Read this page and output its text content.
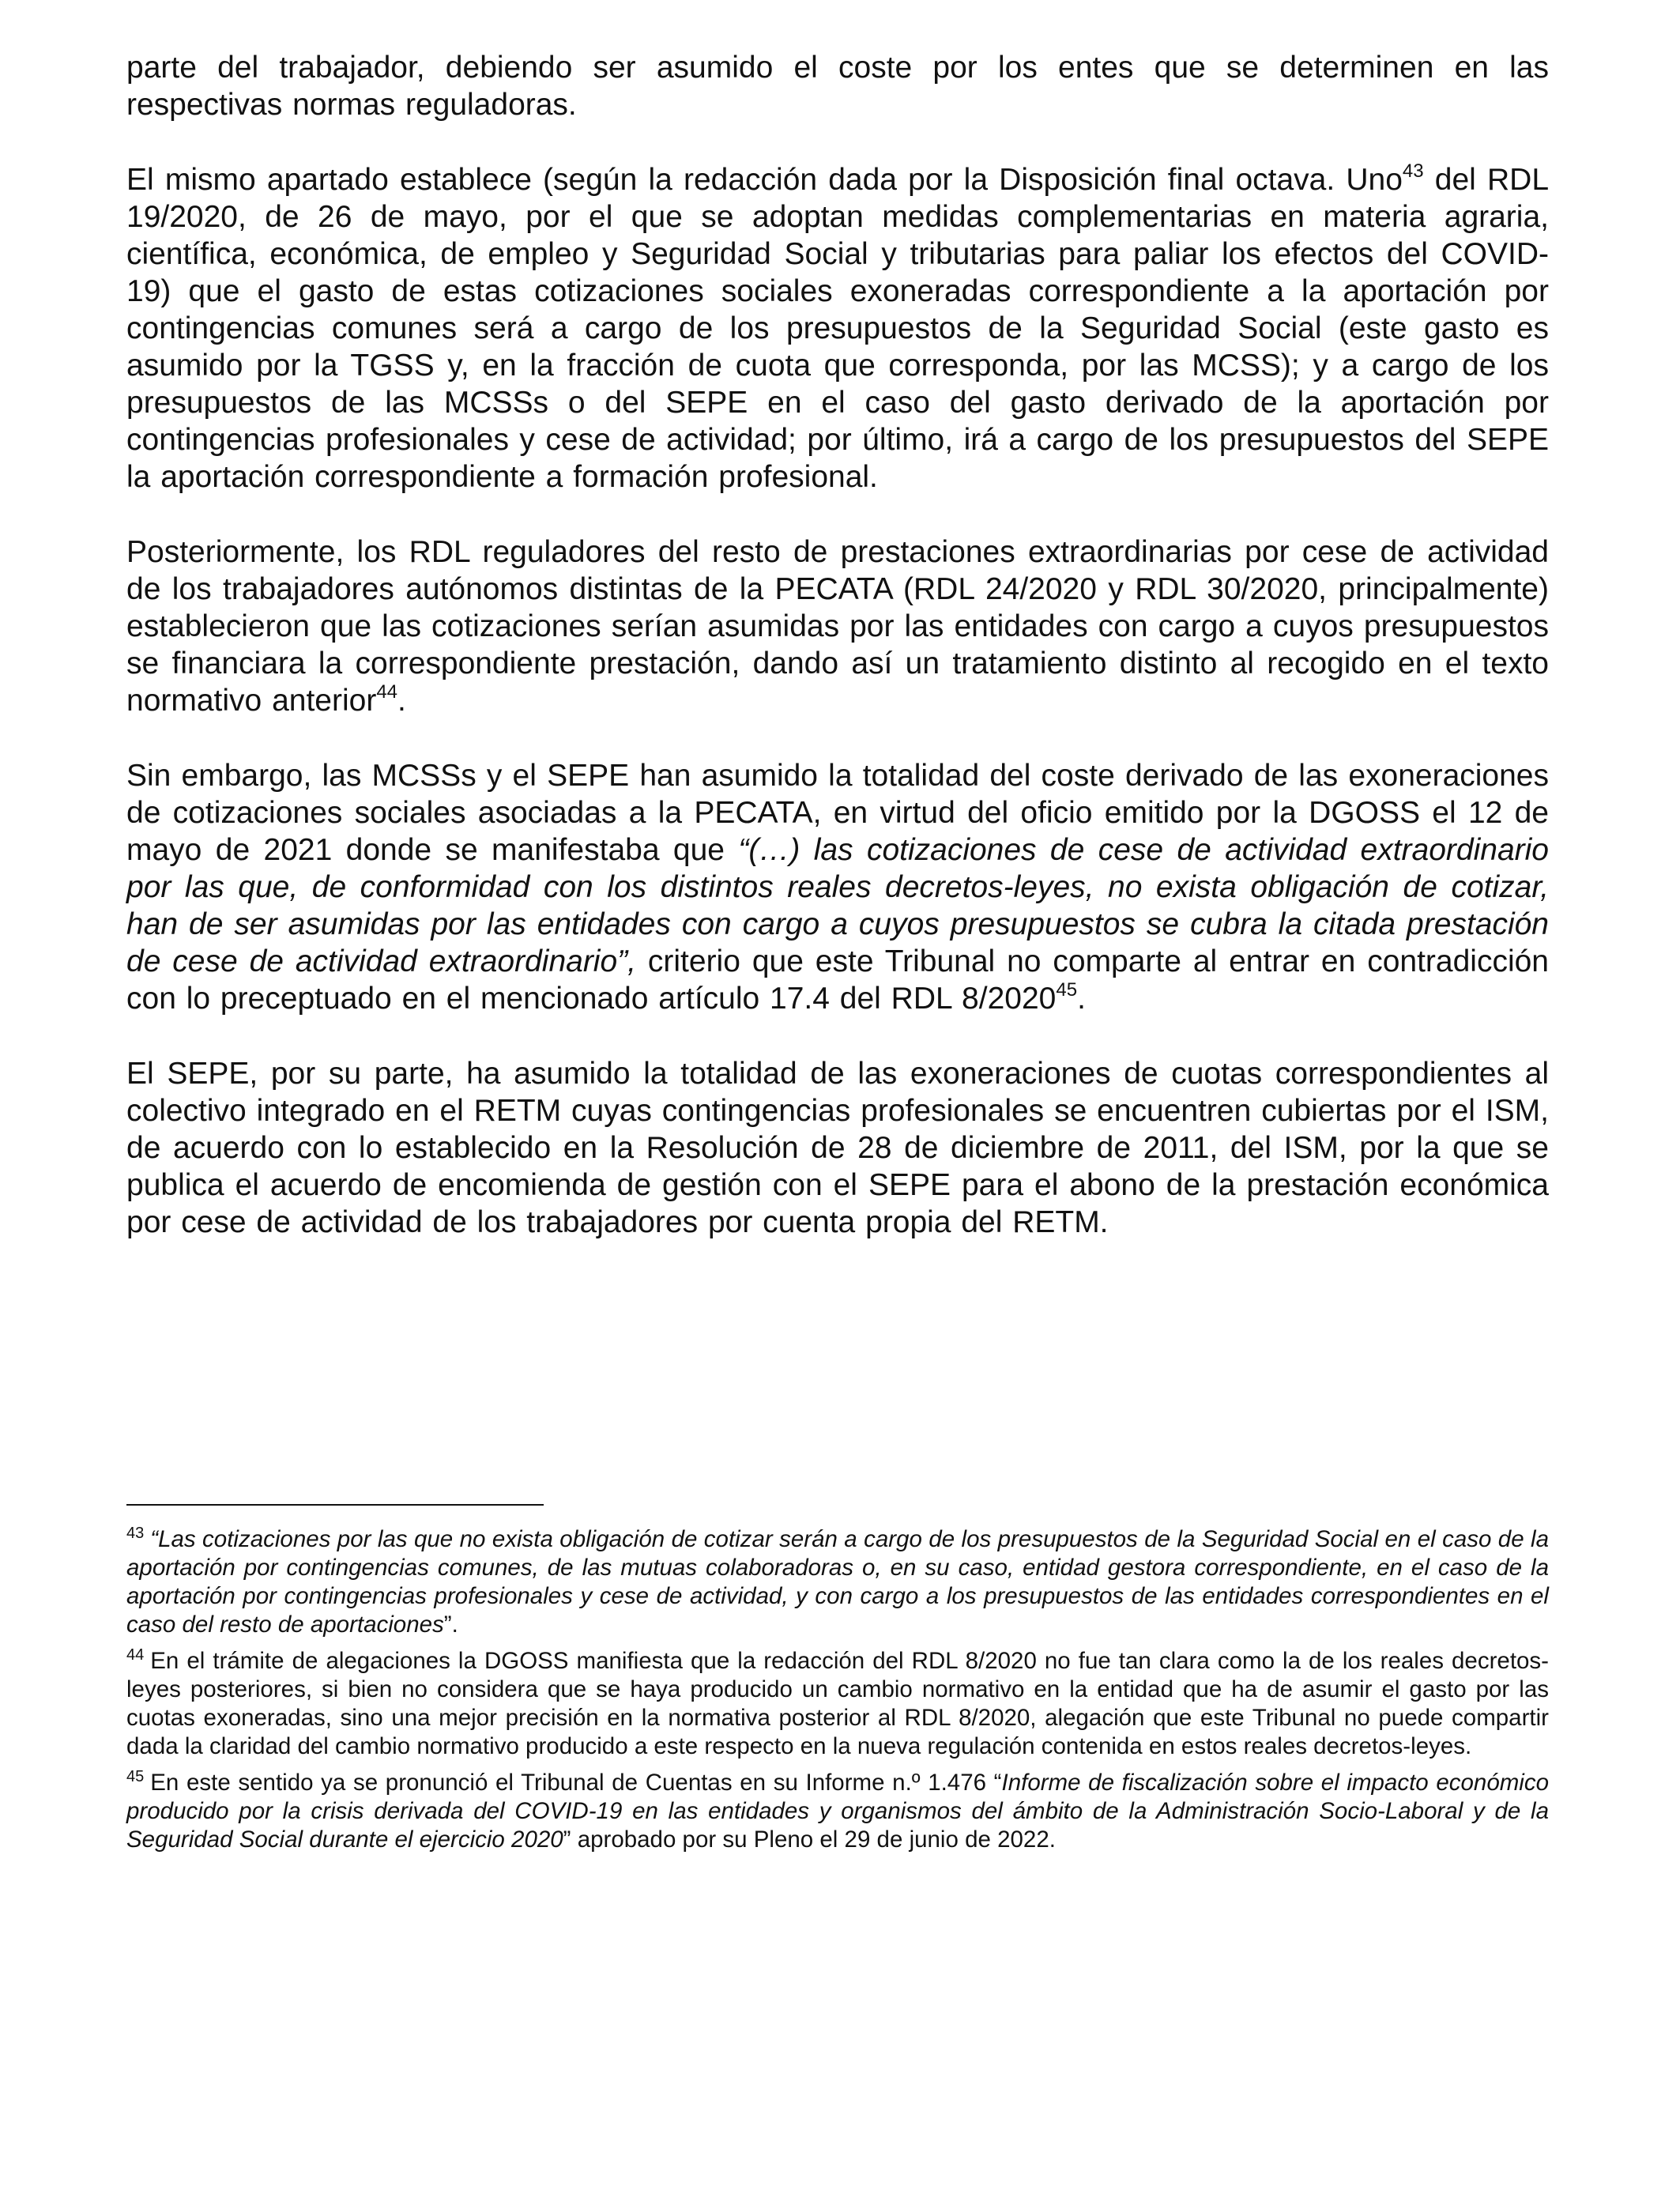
parte del trabajador, debiendo ser asumido el coste por los entes que se determinen en las respectivas normas reguladoras.

El mismo apartado establece (según la redacción dada por la Disposición final octava. Uno$^{43}$ del RDL 19/2020, de 26 de mayo, por el que se adoptan medidas complementarias en materia agraria, científica, económica, de empleo y Seguridad Social y tributarias para paliar los efectos del COVID-19) que el gasto de estas cotizaciones sociales exoneradas correspondiente a la aportación por contingencias comunes será a cargo de los presupuestos de la Seguridad Social (este gasto es asumido por la TGSS y, en la fracción de cuota que corresponda, por las MCSS); y a cargo de los presupuestos de las MCSSs o del SEPE en el caso del gasto derivado de la aportación por contingencias profesionales y cese de actividad; por último, irá a cargo de los presupuestos del SEPE la aportación correspondiente a formación profesional.

Posteriormente, los RDL reguladores del resto de prestaciones extraordinarias por cese de actividad de los trabajadores autónomos distintas de la PECATA (RDL 24/2020 y RDL 30/2020, principalmente) establecieron que las cotizaciones serían asumidas por las entidades con cargo a cuyos presupuestos se financiara la correspondiente prestación, dando así un tratamiento distinto al recogido en el texto normativo anterior$^{44}$.

Sin embargo, las MCSSs y el SEPE han asumido la totalidad del coste derivado de las exoneraciones de cotizaciones sociales asociadas a la PECATA, en virtud del oficio emitido por la DGOSS el 12 de mayo de 2021 donde se manifestaba que “(…) las cotizaciones de cese de actividad extraordinario por las que, de conformidad con los distintos reales decretos-leyes, no exista obligación de cotizar, han de ser asumidas por las entidades con cargo a cuyos presupuestos se cubra la citada prestación de cese de actividad extraordinario”, criterio que este Tribunal no comparte al entrar en contradicción con lo preceptuado en el mencionado artículo 17.4 del RDL 8/2020$^{45}$.

El SEPE, por su parte, ha asumido la totalidad de las exoneraciones de cuotas correspondientes al colectivo integrado en el RETM cuyas contingencias profesionales se encuentren cubiertas por el ISM, de acuerdo con lo establecido en la Resolución de 28 de diciembre de 2011, del ISM, por la que se publica el acuerdo de encomienda de gestión con el SEPE para el abono de la prestación económica por cese de actividad de los trabajadores por cuenta propia del RETM.

$^{43}$ “Las cotizaciones por las que no exista obligación de cotizar serán a cargo de los presupuestos de la Seguridad Social en el caso de la aportación por contingencias comunes, de las mutuas colaboradoras o, en su caso, entidad gestora correspondiente, en el caso de la aportación por contingencias profesionales y cese de actividad, y con cargo a los presupuestos de las entidades correspondientes en el caso del resto de aportaciones”.

$^{44}$ En el trámite de alegaciones la DGOSS manifiesta que la redacción del RDL 8/2020 no fue tan clara como la de los reales decretos-leyes posteriores, si bien no considera que se haya producido un cambio normativo en la entidad que ha de asumir el gasto por las cuotas exoneradas, sino una mejor precisión en la normativa posterior al RDL 8/2020, alegación que este Tribunal no puede compartir dada la claridad del cambio normativo producido a este respecto en la nueva regulación contenida en estos reales decretos-leyes.

$^{45}$ En este sentido ya se pronunció el Tribunal de Cuentas en su Informe n.º 1.476 “Informe de fiscalización sobre el impacto económico producido por la crisis derivada del COVID-19 en las entidades y organismos del ámbito de la Administración Socio-Laboral y de la Seguridad Social durante el ejercicio 2020” aprobado por su Pleno el 29 de junio de 2022.
